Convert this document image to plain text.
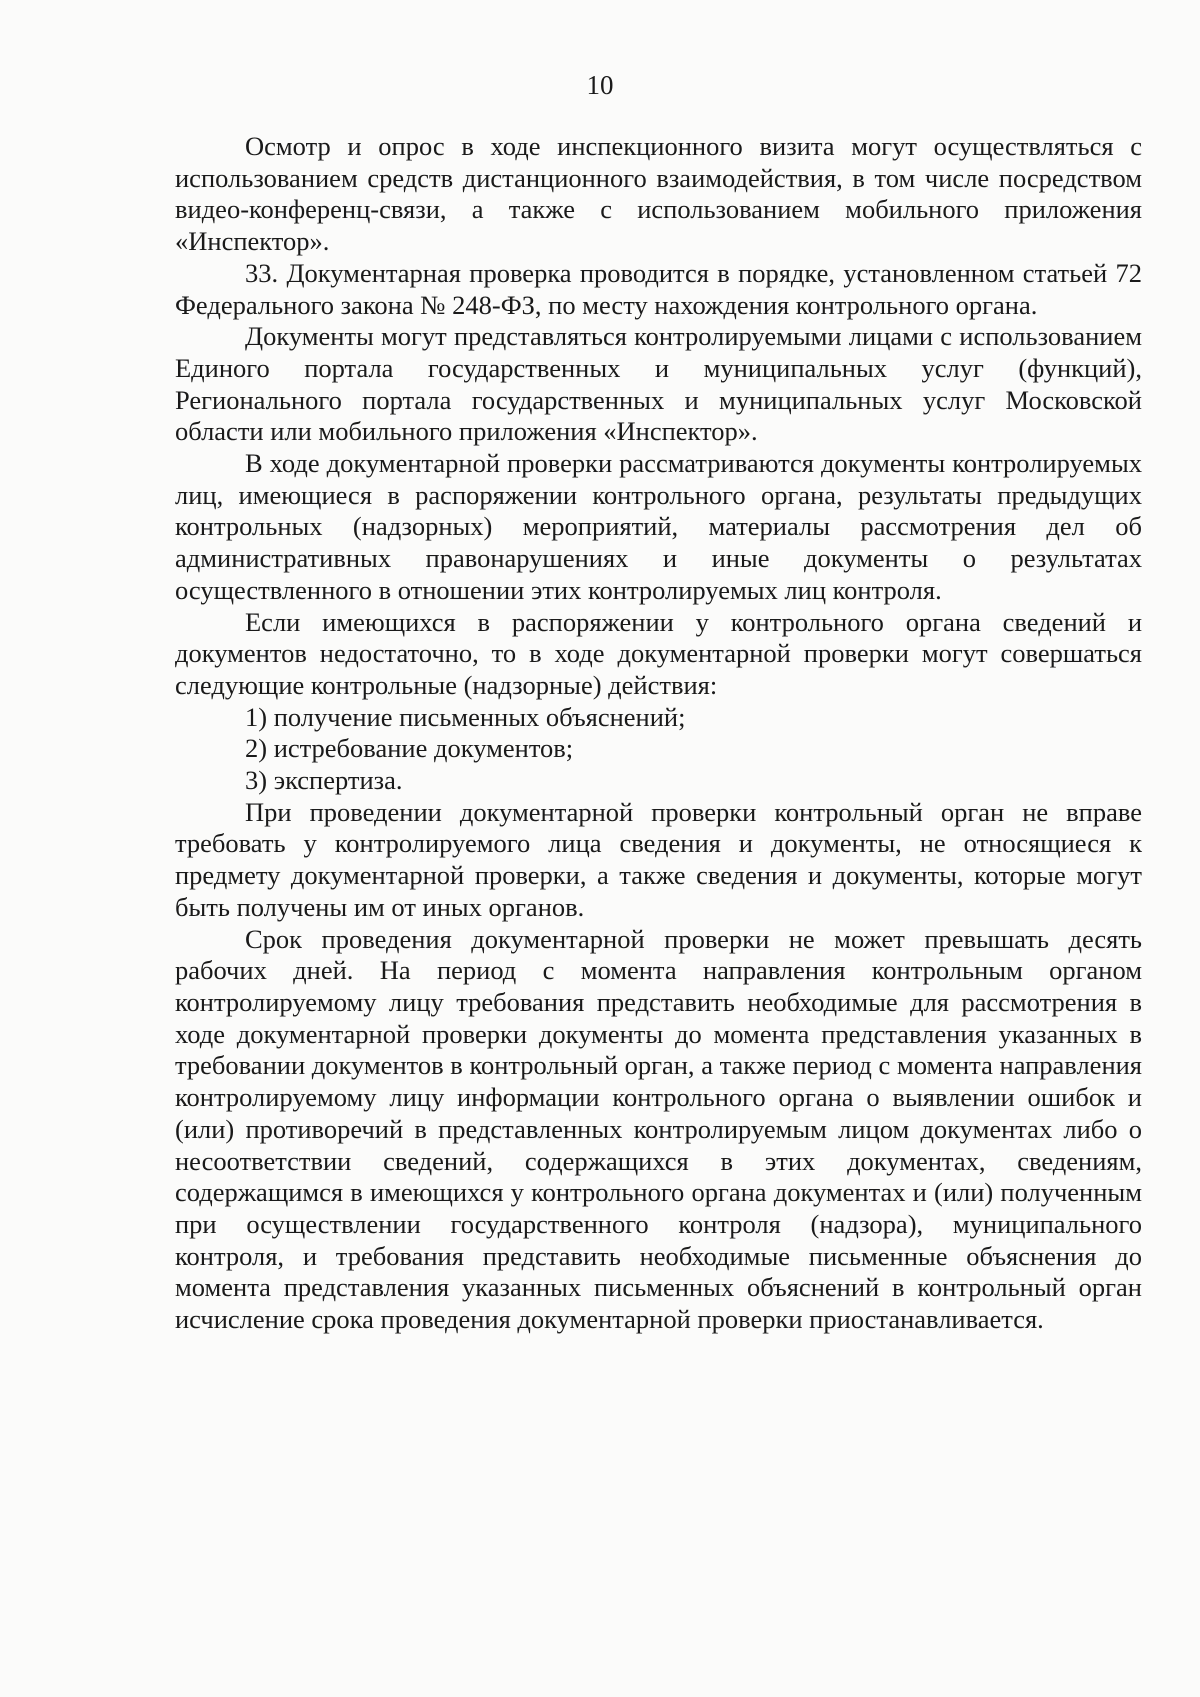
10

Осмотр и опрос в ходе инспекционного визита могут осуществляться с использованием средств дистанционного взаимодействия, в том числе посредством видео-конференц-связи, а также с использованием мобильного приложения «Инспектор».

33. Документарная проверка проводится в порядке, установленном статьей 72 Федерального закона № 248-ФЗ, по месту нахождения контрольного органа.

Документы могут представляться контролируемыми лицами с использованием Единого портала государственных и муниципальных услуг (функций), Регионального портала государственных и муниципальных услуг Московской области или мобильного приложения «Инспектор».

В ходе документарной проверки рассматриваются документы контролируемых лиц, имеющиеся в распоряжении контрольного органа, результаты предыдущих контрольных (надзорных) мероприятий, материалы рассмотрения дел об административных правонарушениях и иные документы о результатах осуществленного в отношении этих контролируемых лиц контроля.

Если имеющихся в распоряжении у контрольного органа сведений и документов недостаточно, то в ходе документарной проверки могут совершаться следующие контрольные (надзорные) действия:

1) получение письменных объяснений;

2) истребование документов;

3) экспертиза.

При проведении документарной проверки контрольный орган не вправе требовать у контролируемого лица сведения и документы, не относящиеся к предмету документарной проверки, а также сведения и документы, которые могут быть получены им от иных органов.

Срок проведения документарной проверки не может превышать десять рабочих дней. На период с момента направления контрольным органом контролируемому лицу требования представить необходимые для рассмотрения в ходе документарной проверки документы до момента представления указанных в требовании документов в контрольный орган, а также период с момента направления контролируемому лицу информации контрольного органа о выявлении ошибок и (или) противоречий в представленных контролируемым лицом документах либо о несоответствии сведений, содержащихся в этих документах, сведениям, содержащимся в имеющихся у контрольного органа документах и (или) полученным при осуществлении государственного контроля (надзора), муниципального контроля, и требования представить необходимые письменные объяснения до момента представления указанных письменных объяснений в контрольный орган исчисление срока проведения документарной проверки приостанавливается.
